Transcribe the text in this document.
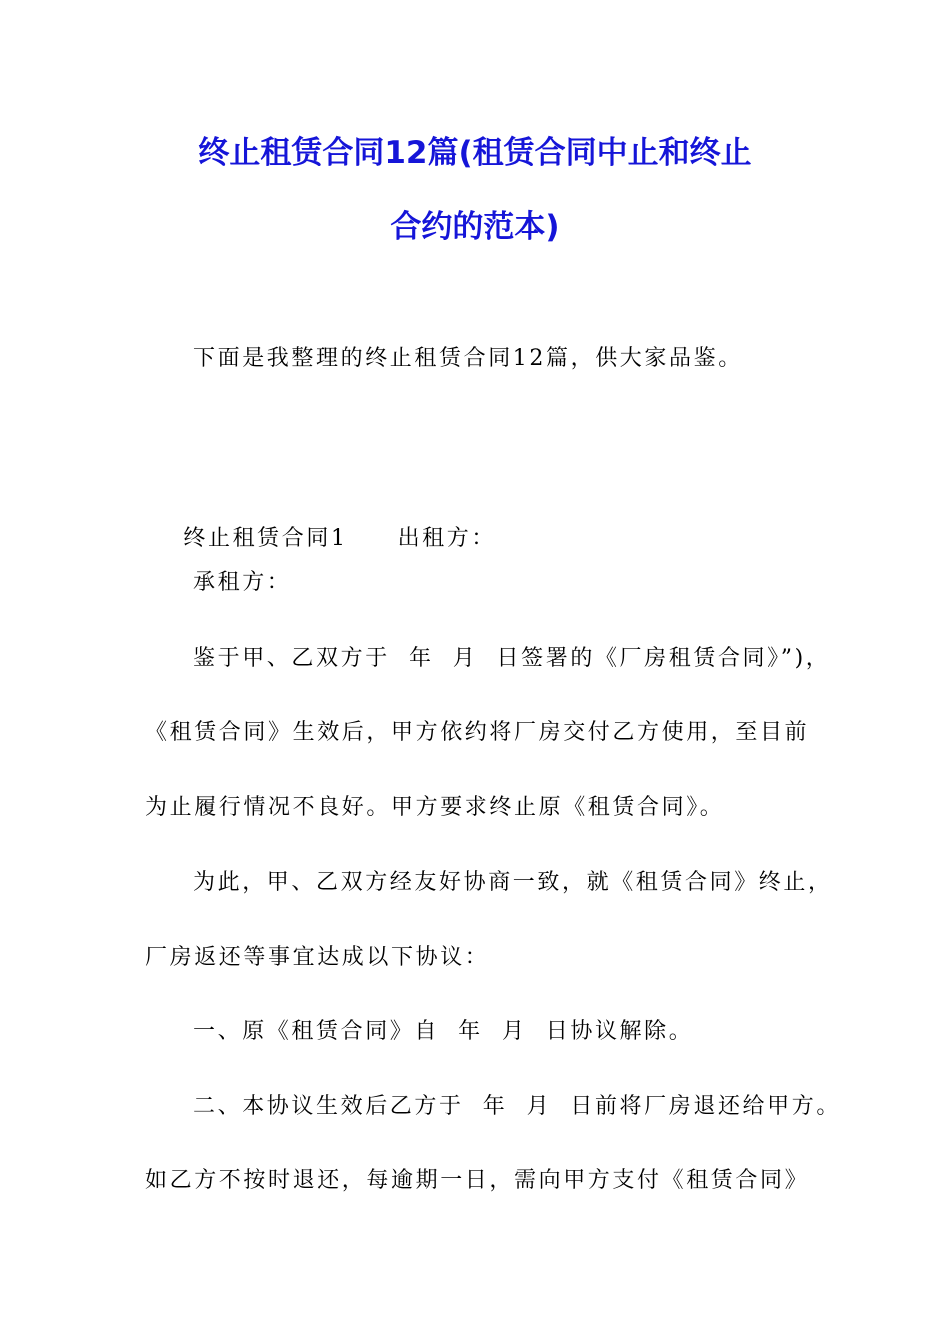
终止租赁合同12篇(租赁合同中止和终止
合约的范本)
下面是我整理的终止租赁合同12篇，供大家品鉴。

终止租赁合同1 出租方：

承租方：
鉴于甲、乙双方于  年  月  日签署的《厂房租赁合同》”)，
《租赁合同》生效后，甲方依约将厂房交付乙方使用，至目前
为止履行情况不良好。甲方要求终止原《租赁合同》。
为此，甲、乙双方经友好协商一致，就《租赁合同》终止，
厂房返还等事宜达成以下协议：
一、原《租赁合同》自  年  月  日协议解除。
二、本协议生效后乙方于  年  月  日前将厂房退还给甲方。
如乙方不按时退还，每逾期一日，需向甲方支付《租赁合同》
